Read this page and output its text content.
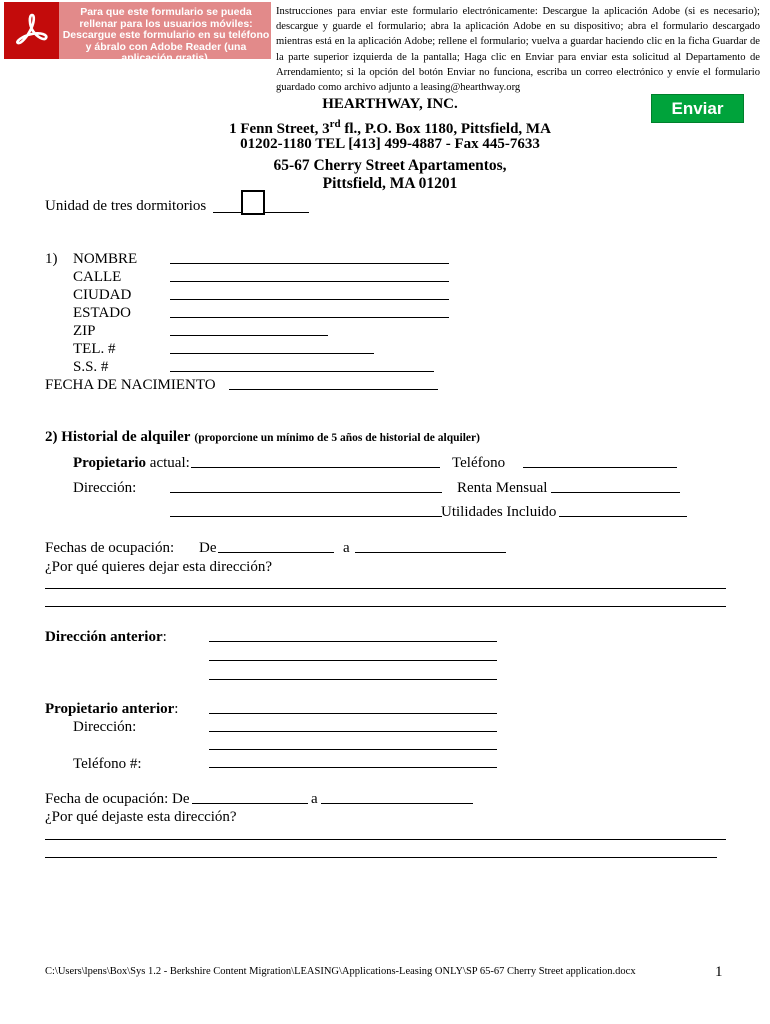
Para que este formulario se pueda rellenar para los usuarios móviles: Descargue este formulario en su teléfono y ábralo con Adobe Reader (una aplicación gratis).
Instrucciones para enviar este formulario electrónicamente: Descargue la aplicación Adobe (si es necesario); descargue y guarde el formulario; abra la aplicación Adobe en su dispositivo; abra el formulario descargado mientras está en la aplicación Adobe; rellene el formulario; vuelva a guardar haciendo clic en la ficha Guardar de la parte superior izquierda de la pantalla; Haga clic en Enviar para enviar esta solicitud al Departamento de Arrendamiento; si la opción del botón Enviar no funciona, escriba un correo electrónico y envíe el formulario guardado como archivo adjunto a leasing@hearthway.org
Enviar
HEARTHWAY, INC.
1 Fenn Street, 3rd fl., P.O. Box 1180, Pittsfield, MA
01202-1180 TEL [413] 499-4887 - Fax 445-7633
65-67 Cherry Street Apartamentos,
Pittsfield, MA 01201
Unidad de tres dormitorios
1) NOMBRE
CALLE
CIUDAD
ESTADO
ZIP
TEL. #
S.S. #
FECHA DE NACIMIENTO
2) Historial de alquiler (proporcione un mínimo de 5 años de historial de alquiler)
Propietario actual:	Teléfono
Dirección:	Renta Mensual
Utilidades Incluido
Fechas de ocupación: De	a
¿Por qué quieres dejar esta dirección?
Dirección anterior:
Propietario anterior:
Dirección:
Teléfono #:
Fecha de ocupación: De	a
¿Por qué dejaste esta dirección?
C:\Users\lpens\Box\Sys 1.2 - Berkshire Content Migration\LEASING\Applications-Leasing ONLY\SP 65-67 Cherry Street application.docx	1
